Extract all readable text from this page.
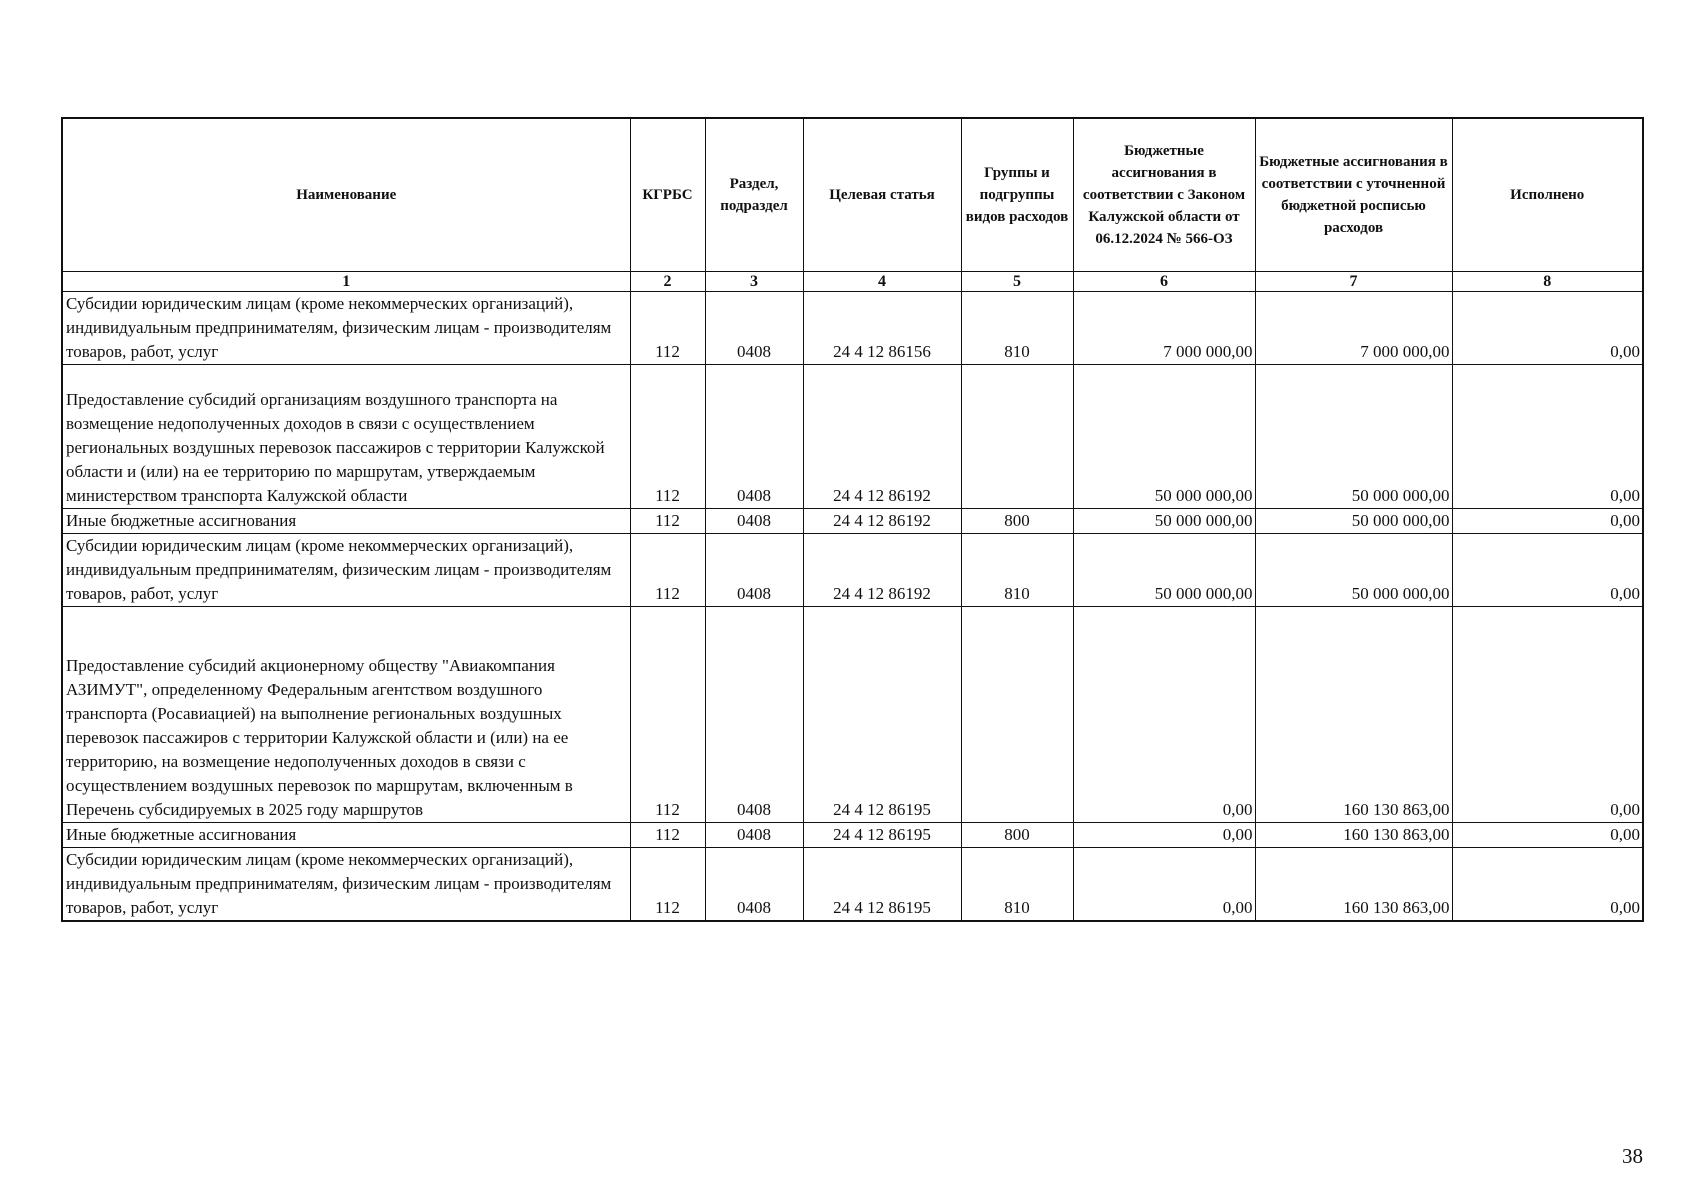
Наименование	КГРБС	Раздел, подраздел	Целевая статья	Группы и подгруппы видов расходов	Бюджетные ассигнования в соответствии с Законом Калужской области от 06.12.2024 № 566-ОЗ	Бюджетные ассигнования в соответствии с уточненной бюджетной росписью расходов	Исполнено
1	2	3	4	5	6	7	8
Субсидии юридическим лицам (кроме некоммерческих организаций), индивидуальным предпринимателям, физическим лицам - производителям товаров, работ, услуг	112	0408	24 4 12 86156	810	7 000 000,00	7 000 000,00	0,00
Предоставление субсидий организациям воздушного транспорта на возмещение недополученных доходов в связи с осуществлением региональных воздушных перевозок пассажиров с территории Калужской области и (или) на ее территорию по маршрутам, утверждаемым министерством транспорта Калужской области	112	0408	24 4 12 86192		50 000 000,00	50 000 000,00	0,00
Иные бюджетные ассигнования	112	0408	24 4 12 86192	800	50 000 000,00	50 000 000,00	0,00
Субсидии юридическим лицам (кроме некоммерческих организаций), индивидуальным предпринимателям, физическим лицам - производителям товаров, работ, услуг	112	0408	24 4 12 86192	810	50 000 000,00	50 000 000,00	0,00
Предоставление субсидий акционерному обществу "Авиакомпания АЗИМУТ", определенному Федеральным агентством воздушного транспорта (Росавиацией) на выполнение региональных воздушных перевозок пассажиров с территории Калужской области и (или) на ее территорию, на возмещение недополученных доходов в связи с осуществлением воздушных перевозок по маршрутам, включенным в Перечень субсидируемых в 2025 году маршрутов	112	0408	24 4 12 86195		0,00	160 130 863,00	0,00
Иные бюджетные ассигнования	112	0408	24 4 12 86195	800	0,00	160 130 863,00	0,00
Субсидии юридическим лицам (кроме некоммерческих организаций), индивидуальным предпринимателям, физическим лицам - производителям товаров, работ, услуг	112	0408	24 4 12 86195	810	0,00	160 130 863,00	0,00
38
